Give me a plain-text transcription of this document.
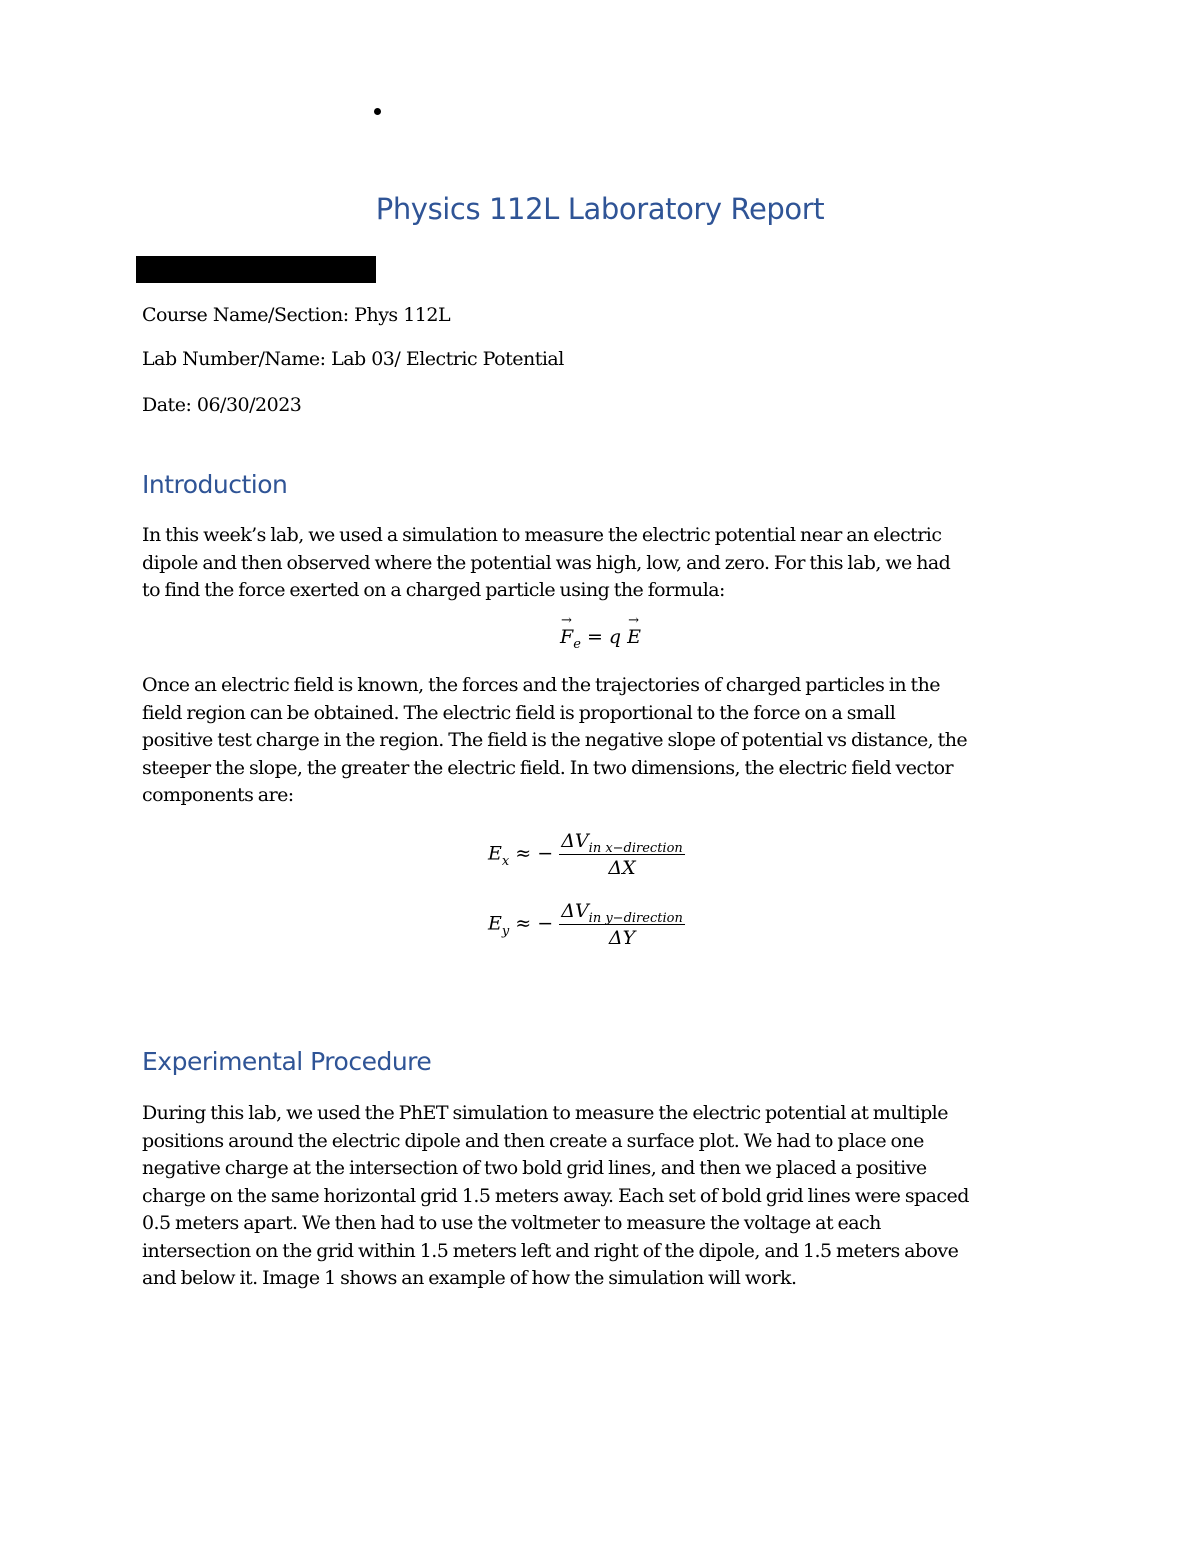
Physics 112L Laboratory Report
Course Name/Section: Phys 112L
Lab Number/Name: Lab 03/ Electric Potential
Date: 06/30/2023
Introduction
In this week’s lab, we used a simulation to measure the electric potential near an electric
dipole and then observed where the potential was high, low, and zero. For this lab, we had
to find the force exerted on a charged particle using the formula:
→ $F_e = q \to E$
Once an electric field is known, the forces and the trajectories of charged particles in the
field region can be obtained. The electric field is proportional to the force on a small
positive test charge in the region. The field is the negative slope of potential vs distance, the
steeper the slope, the greater the electric field. In two dimensions, the electric field vector
components are:
$E_x$ ≈ − $\frac{\Delta V_{in x-direction}}{\Delta X}$
$E_y$ ≈ − $\frac{\Delta V_{in y-direction}}{\Delta Y}$
Experimental Procedure
During this lab, we used the PhET simulation to measure the electric potential at multiple
positions around the electric dipole and then create a surface plot. We had to place one
negative charge at the intersection of two bold grid lines, and then we placed a positive
charge on the same horizontal grid 1.5 meters away. Each set of bold grid lines were spaced
0.5 meters apart. We then had to use the voltmeter to measure the voltage at each
intersection on the grid within 1.5 meters left and right of the dipole, and 1.5 meters above
and below it. Image 1 shows an example of how the simulation will work.
